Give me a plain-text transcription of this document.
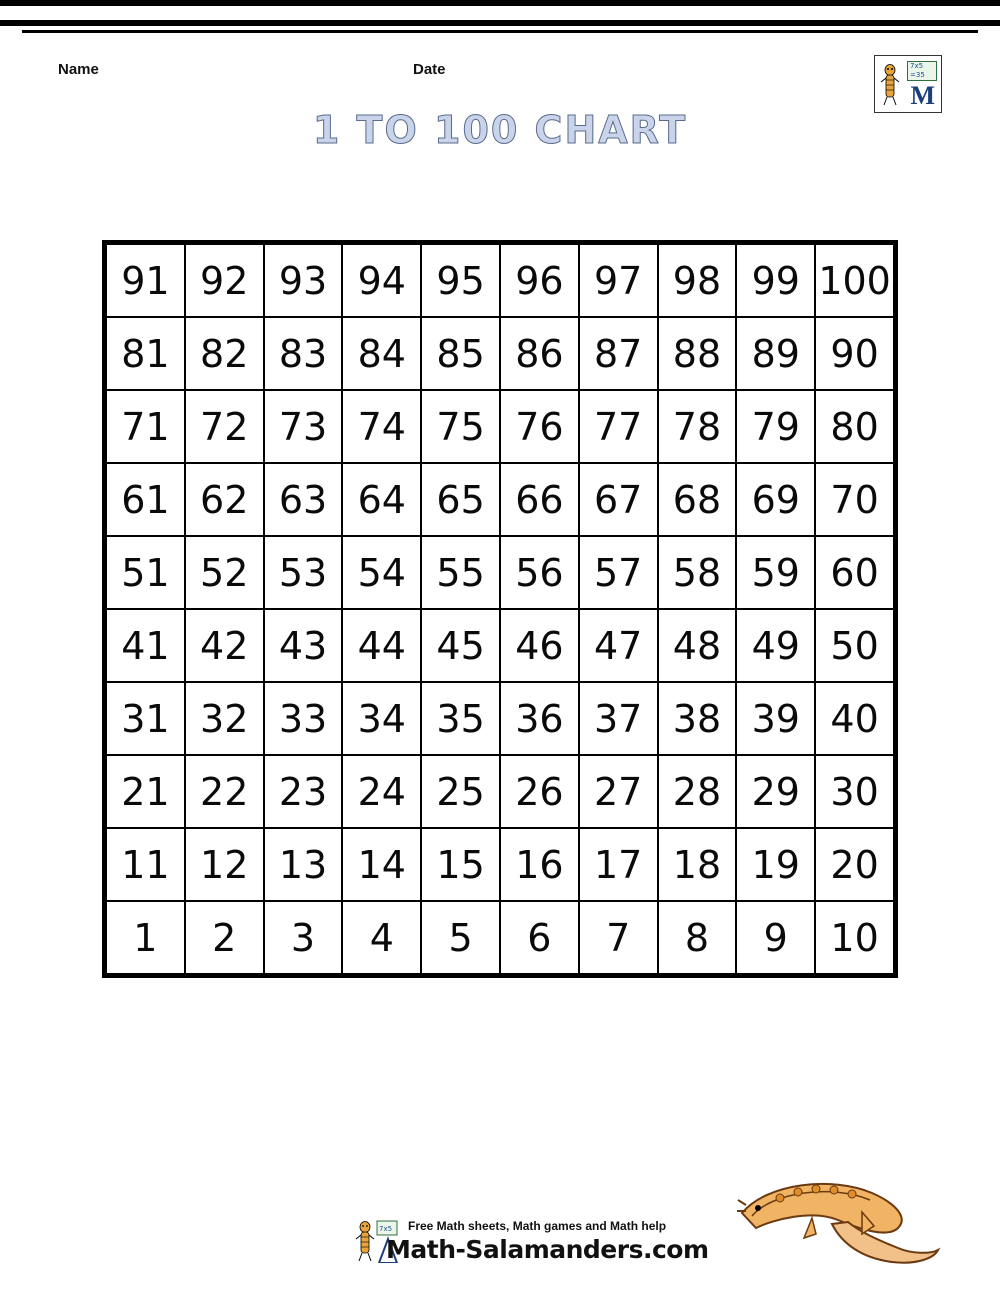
Name	Date	7x5 =35
M
1 TO 100 CHART
91	92	93	94	95	96	97	98	99	100
81	82	83	84	85	86	87	88	89	90
71	72	73	74	75	76	77	78	79	80
61	62	63	64	65	66	67	68	69	70
51	52	53	54	55	56	57	58	59	60
41	42	43	44	45	46	47	48	49	50
31	32	33	34	35	36	37	38	39	40
21	22	23	24	25	26	27	28	29	30
11	12	13	14	15	16	17	18	19	20
1	2	3	4	5	6	7	8	9	10
7x5 Free Math sheets, Math games and Math help
Math-Salamanders.com
